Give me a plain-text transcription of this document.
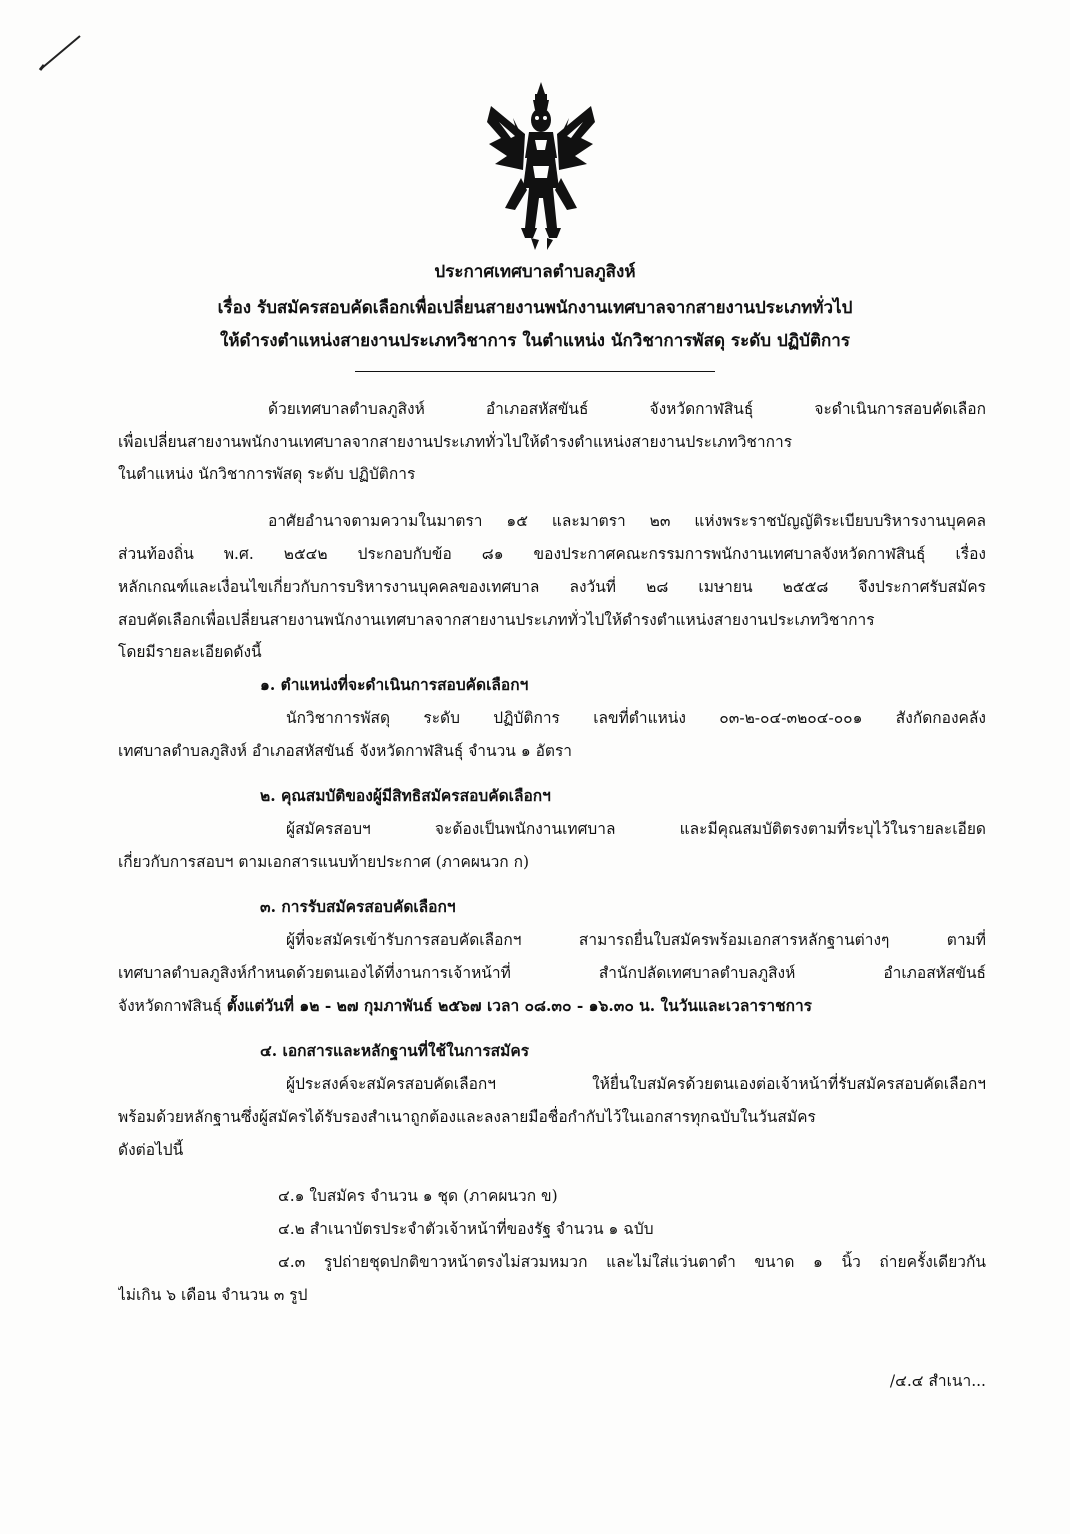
ประกาศเทศบาลตำบลภูสิงห์
เรื่อง รับสมัครสอบคัดเลือกเพื่อเปลี่ยนสายงานพนักงานเทศบาลจากสายงานประเภททั่วไป
ให้ดำรงตำแหน่งสายงานประเภทวิชาการ ในตำแหน่ง นักวิชาการพัสดุ ระดับ ปฏิบัติการ
ด้วยเทศบาลตำบลภูสิงห์ อำเภอสหัสขันธ์ จังหวัดกาฬสินธุ์ จะดำเนินการสอบคัดเลือก
เพื่อเปลี่ยนสายงานพนักงานเทศบาลจากสายงานประเภททั่วไปให้ดำรงตำแหน่งสายงานประเภทวิชาการ
ในตำแหน่ง นักวิชาการพัสดุ ระดับ ปฏิบัติการ
อาศัยอำนาจตามความในมาตรา ๑๕ และมาตรา ๒๓ แห่งพระราชบัญญัติระเบียบบริหารงานบุคคล
ส่วนท้องถิ่น พ.ศ. ๒๕๔๒ ประกอบกับข้อ ๘๑ ของประกาศคณะกรรมการพนักงานเทศบาลจังหวัดกาฬสินธุ์ เรื่อง
หลักเกณฑ์และเงื่อนไขเกี่ยวกับการบริหารงานบุคคลของเทศบาล ลงวันที่ ๒๘ เมษายน ๒๕๕๘ จึงประกาศรับสมัคร
สอบคัดเลือกเพื่อเปลี่ยนสายงานพนักงานเทศบาลจากสายงานประเภททั่วไปให้ดำรงตำแหน่งสายงานประเภทวิชาการ
โดยมีรายละเอียดดังนี้
๑. ตำแหน่งที่จะดำเนินการสอบคัดเลือกฯ
นักวิชาการพัสดุ ระดับ ปฏิบัติการ เลขที่ตำแหน่ง ๐๓-๒-๐๔-๓๒๐๔-๐๐๑ สังกัดกองคลัง
เทศบาลตำบลภูสิงห์ อำเภอสหัสขันธ์ จังหวัดกาฬสินธุ์ จำนวน ๑ อัตรา
๒. คุณสมบัติของผู้มีสิทธิสมัครสอบคัดเลือกฯ
ผู้สมัครสอบฯ จะต้องเป็นพนักงานเทศบาล และมีคุณสมบัติตรงตามที่ระบุไว้ในรายละเอียด
เกี่ยวกับการสอบฯ ตามเอกสารแนบท้ายประกาศ (ภาคผนวก ก)
๓. การรับสมัครสอบคัดเลือกฯ
ผู้ที่จะสมัครเข้ารับการสอบคัดเลือกฯ สามารถยื่นใบสมัครพร้อมเอกสารหลักฐานต่างๆ ตามที่
เทศบาลตำบลภูสิงห์กำหนดด้วยตนเองได้ที่งานการเจ้าหน้าที่ สำนักปลัดเทศบาลตำบลภูสิงห์ อำเภอสหัสขันธ์
จังหวัดกาฬสินธุ์ ตั้งแต่วันที่ ๑๒ - ๒๗ กุมภาพันธ์ ๒๕๖๗ เวลา ๐๘.๓๐ - ๑๖.๓๐ น. ในวันและเวลาราชการ
๔. เอกสารและหลักฐานที่ใช้ในการสมัคร
ผู้ประสงค์จะสมัครสอบคัดเลือกฯ ให้ยื่นใบสมัครด้วยตนเองต่อเจ้าหน้าที่รับสมัครสอบคัดเลือกฯ
พร้อมด้วยหลักฐานซึ่งผู้สมัครได้รับรองสำเนาถูกต้องและลงลายมือชื่อกำกับไว้ในเอกสารทุกฉบับในวันสมัคร
ดังต่อไปนี้
๔.๑ ใบสมัคร จำนวน ๑ ชุด (ภาคผนวก ข)
๔.๒ สำเนาบัตรประจำตัวเจ้าหน้าที่ของรัฐ จำนวน ๑ ฉบับ
๔.๓ รูปถ่ายชุดปกติขาวหน้าตรงไม่สวมหมวก และไม่ใส่แว่นตาดำ ขนาด ๑ นิ้ว ถ่ายครั้งเดียวกัน
ไม่เกิน ๖ เดือน จำนวน ๓ รูป
/๔.๔ สำเนา...
